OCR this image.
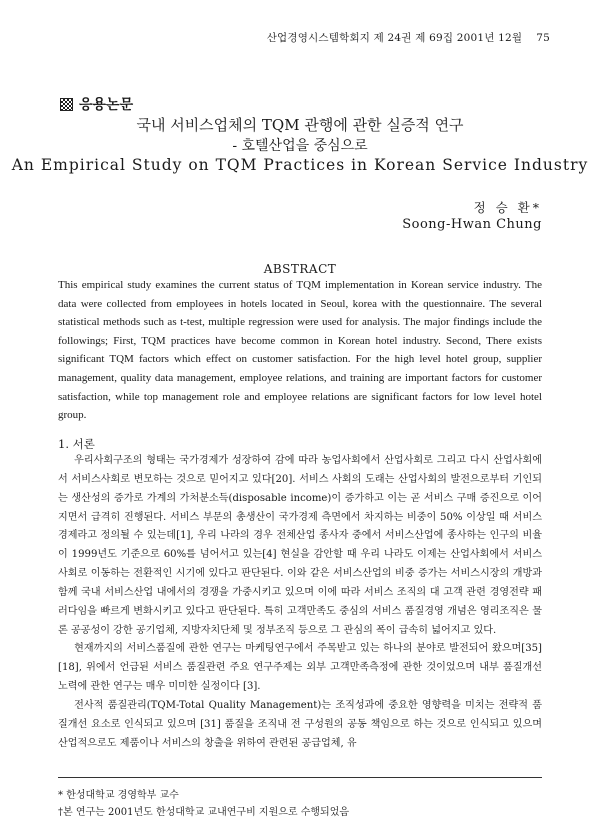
산업경영시스템학회지 제 24권 제 69집 2001년 12월 75
응용논문
국내 서비스업체의 TQM 관행에 관한 실증적 연구
- 호텔산업을 중심으로
An Empirical Study on TQM Practices in Korean Service Industry
정 승 환*
Soong-Hwan Chung
ABSTRACT
This empirical study examines the current status of TQM implementation in Korean service industry. The data were collected from employees in hotels located in Seoul, korea with the questionnaire. The several statistical methods such as t-test, multiple regression were used for analysis. The major findings include the followings; First, TQM practices have become common in Korean hotel industry. Second, There exists significant TQM factors which effect on customer satisfaction. For the high level hotel group, supplier management, quality data management, employee relations, and training are important factors for customer satisfaction, while top management role and employee relations are significant factors for low level hotel group.
1. 서론

우리사회구조의 형태는 국가경제가 성장하여 감에 따라 농업사회에서 산업사회로 그리고 다시 산업사회에서 서비스사회로 변모하는 것으로 믿어지고 있다[20]. 서비스 사회의 도래는 산업사회의 발전으로부터 기인되는 생산성의 증가로 가계의 가처분소득(disposable income)이 증가하고 이는 곧 서비스 구매 증진으로 이어지면서 급격히 진행된다. 서비스 부문의 총생산이 국가경제 측면에서 차지하는 비중이 50% 이상일 때 서비스 경제라고 정의될 수 있는데[1], 우리 나라의 경우 전체산업 종사자 중에서 서비스산업에 종사하는 인구의 비율이 1999년도 기준으로 60%를 넘어서고 있는[4] 현실을 감안할 때 우리 나라도 이제는 산업사회에서 서비스사회로 이동하는 전환적인 시기에 있다고 판단된다. 이와 같은 서비스산업의 비중 증가는 서비스시장의 개방과 함께 국내 서비스산업 내에서의 경쟁을 가중시키고 있으며 이에 따라 서비스 조직의 대 고객 관련 경영전략 패러다임을 빠르게 변화시키고 있다고 판단된다. 특히 고객만족도 중심의 서비스 품질경영 개념은 영리조직은 물론 공공성이 강한 공기업체, 지방자치단체 및 정부조직 등으로 그 관심의 폭이 급속히 넓어지고 있다.

현재까지의 서비스품질에 관한 연구는 마케팅연구에서 주목받고 있는 하나의 분야로 발전되어 왔으며[35][18], 위에서 언급된 서비스 품질관련 주요 연구주제는 외부 고객만족측정에 관한 것이었으며 내부 품질개선 노력에 관한 연구는 매우 미미한 실정이다 [3].

전사적 품질관리(TQM-Total Quality Management)는 조직성과에 중요한 영향력을 미치는 전략적 품질개선 요소로 인식되고 있으며 [31] 품질을 조직내 전 구성원의 공동 책임으로 하는 것으로 인식되고 있으며 산업적으로도 제품이나 서비스의 창출을 위하여 관련된 공급업체, 유

* 한성대학교 경영학부 교수
†본 연구는 2001년도 한성대학교 교내연구비 지원으로 수행되었음
